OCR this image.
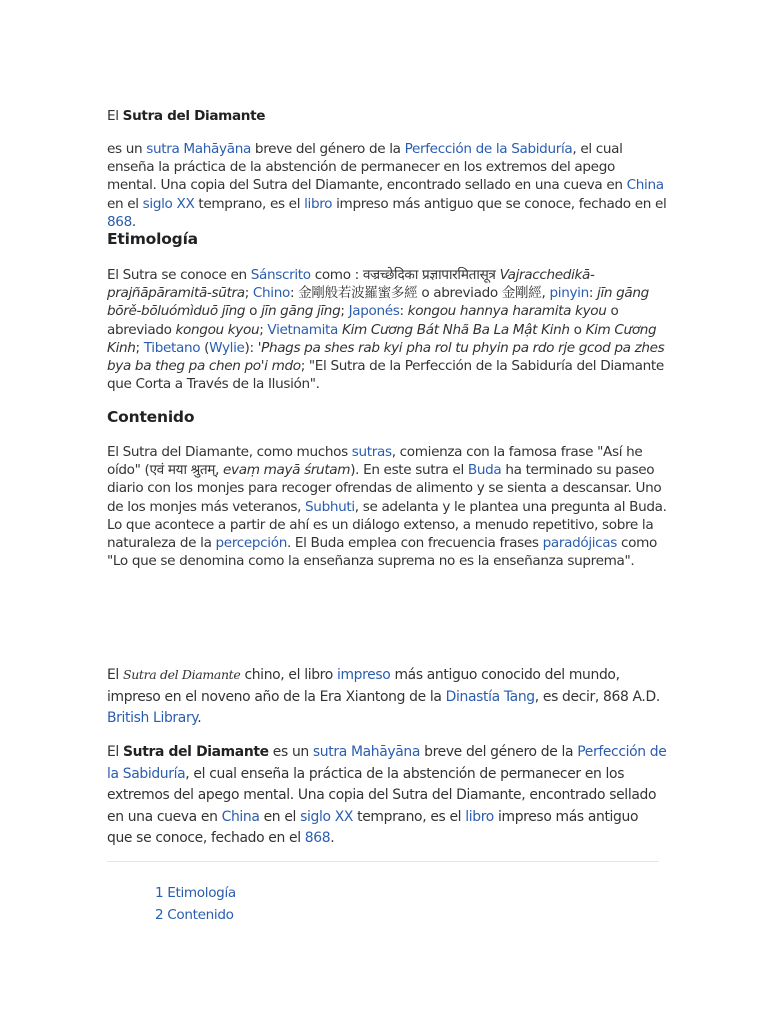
El Sutra del Diamante

es un sutra Mahāyāna breve del género de la Perfección de la Sabiduría, el cual enseña la práctica de la abstención de permanecer en los extremos del apego mental. Una copia del Sutra del Diamante, encontrado sellado en una cueva en China en el siglo XX temprano, es el libro impreso más antiguo que se conoce, fechado en el 868.

Etimología

El Sutra se conoce en Sánscrito como : वज्रच्छेदिका प्रज्ञापारमितासूत्र Vajracchedikā-prajñāpāramitā-sūtra; Chino: 金剛般若波羅蜜多經 o abreviado 金剛經, pinyin: jīn gāng bōrě-bōluómìduō jīng o jīn gāng jīng; Japonés: kongou hannya haramita kyou o abreviado kongou kyou; Vietnamita Kim Cương Bát Nhã Ba La Mật Kinh o Kim Cương Kinh; Tibetano (Wylie): 'Phags pa shes rab kyi pha rol tu phyin pa rdo rje gcod pa zhes bya ba theg pa chen po'i mdo; "El Sutra de la Perfección de la Sabiduría del Diamante que Corta a Través de la Ilusión".

Contenido

El Sutra del Diamante, como muchos sutras, comienza con la famosa frase "Así he oído" (एवं मया श्रुतम्, evaṃ mayā śrutam). En este sutra el Buda ha terminado su paseo diario con los monjes para recoger ofrendas de alimento y se sienta a descansar. Uno de los monjes más veteranos, Subhuti, se adelanta y le plantea una pregunta al Buda. Lo que acontece a partir de ahí es un diálogo extenso, a menudo repetitivo, sobre la naturaleza de la percepción. El Buda emplea con frecuencia frases paradójicas como "Lo que se denomina como la enseñanza suprema no es la enseñanza suprema".

El Sutra del Diamante chino, el libro impreso más antiguo conocido del mundo, impreso en el noveno año de la Era Xiantong de la Dinastía Tang, es decir, 868 A.D. British Library.

El Sutra del Diamante es un sutra Mahāyāna breve del género de la Perfección de la Sabiduría, el cual enseña la práctica de la abstención de permanecer en los extremos del apego mental. Una copia del Sutra del Diamante, encontrado sellado en una cueva en China en el siglo XX temprano, es el libro impreso más antiguo que se conoce, fechado en el 868.

1 Etimología
2 Contenido
